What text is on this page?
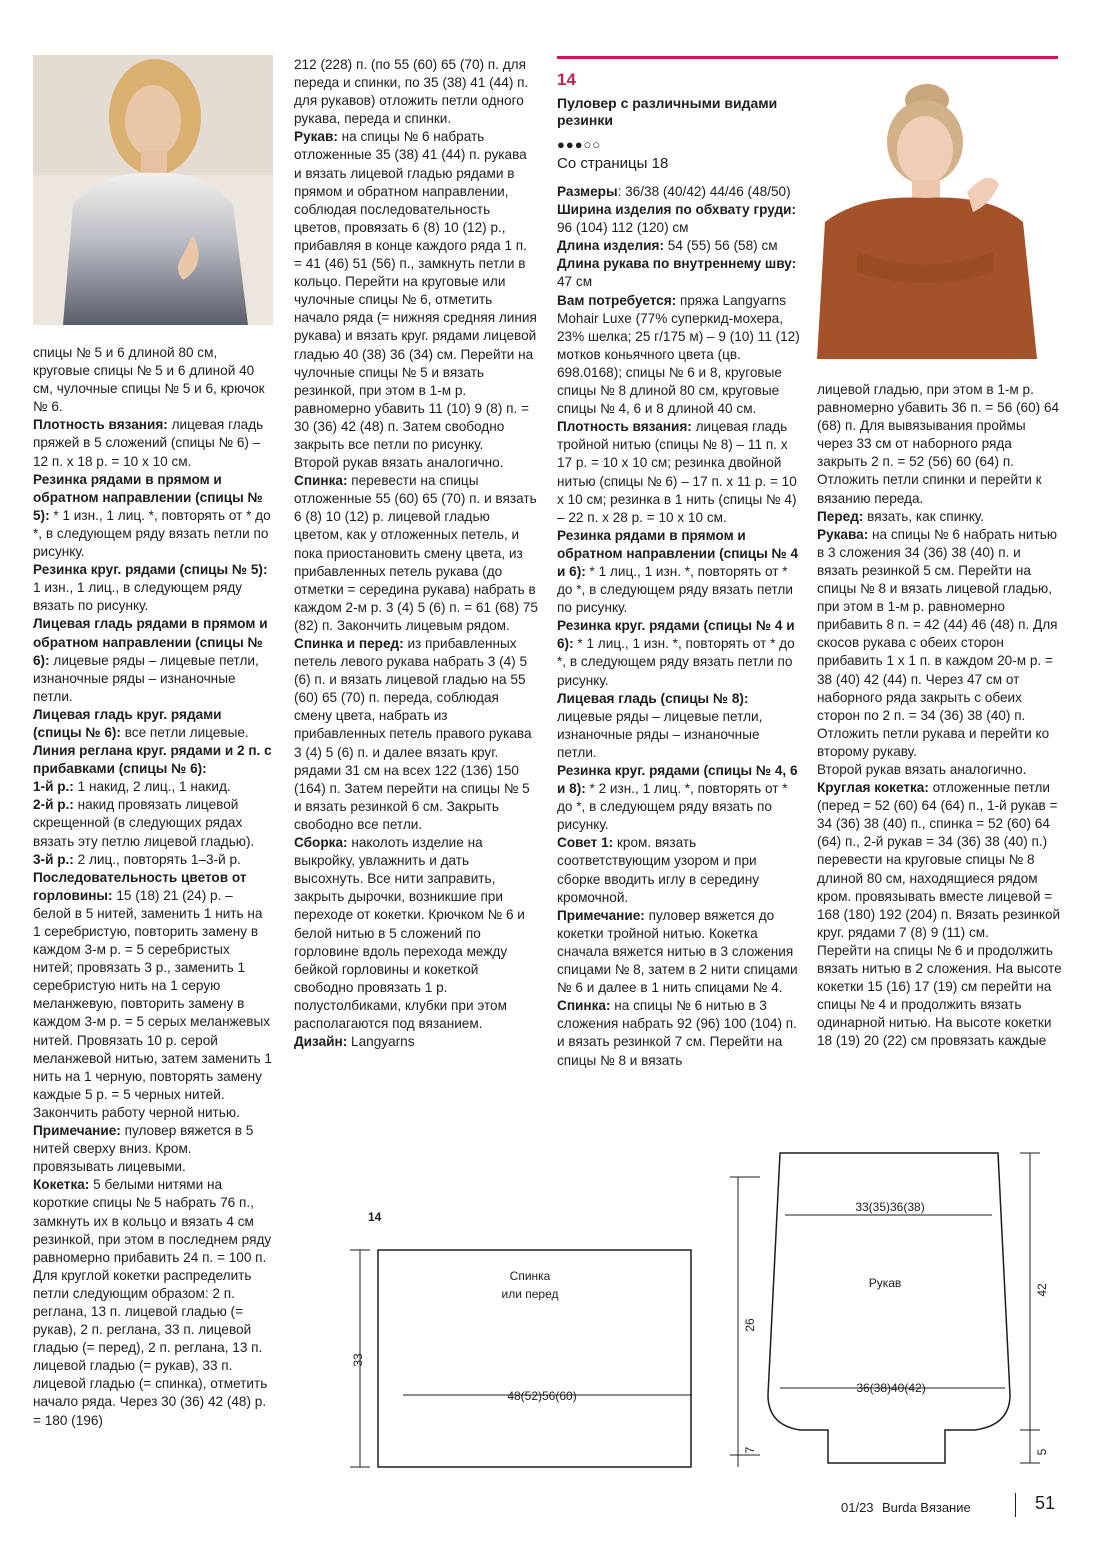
спицы № 5 и 6 длиной 80 см, круговые спицы № 5 и 6 длиной 40 см, чулочные спицы № 5 и 6, крючок № 6.

Плотность вязания: лицевая гладь пряжей в 5 сложений (спицы № 6) – 12 п. х 18 р. = 10 х 10 см.

Резинка рядами в прямом и обратном направлении (спицы № 5): * 1 изн., 1 лиц. *, повторять от * до *, в следующем ряду вязать петли по рисунку.

Резинка круг. рядами (спицы № 5): 1 изн., 1 лиц., в следующем ряду вязать по рисунку.

Лицевая гладь рядами в прямом и обратном направлении (спицы № 6): лицевые ряды – лицевые петли, изнаночные ряды – изнаночные петли.

Лицевая гладь круг. рядами (спицы № 6): все петли лицевые.

Линия реглана круг. рядами и 2 п. с прибавками (спицы № 6):

1-й р.: 1 накид, 2 лиц., 1 накид.

2-й р.: накид провязать лицевой скрещенной (в следующих рядах вязать эту петлю лицевой гладью).

3-й р.: 2 лиц., повторять 1–3-й р.

Последовательность цветов от горловины: 15 (18) 21 (24) р. – белой в 5 нитей, заменить 1 нить на 1 серебристую, повторить замену в каждом 3-м р. = 5 серебристых нитей; провязать 3 р., заменить 1 серебристую нить на 1 серую меланжевую, повторить замену в каждом 3-м р. = 5 серых меланжевых нитей. Провязать 10 р. серой меланжевой нитью, затем заменить 1 нить на 1 черную, повторять замену каждые 5 р. = 5 черных нитей. Закончить работу черной нитью.

Примечание: пуловер вяжется в 5 нитей сверху вниз. Кром. провязывать лицевыми.

Кокетка: 5 белыми нитями на короткие спицы № 5 набрать 76 п., замкнуть их в кольцо и вязать 4 см резинкой, при этом в последнем ряду равномерно прибавить 24 п. = 100 п. Для круглой кокетки распределить петли следующим образом: 2 п. реглана, 13 п. лицевой гладью (= рукав), 2 п. реглана, 33 п. лицевой гладью (= перед), 2 п. реглана, 13 п. лицевой гладью (= рукав), 33 п. лицевой гладью (= спинка), отметить начало ряда. Через 30 (36) 42 (48) р. = 180 (196)

212 (228) п. (по 55 (60) 65 (70) п. для переда и спинки, по 35 (38) 41 (44) п. для рукавов) отложить петли одного рукава, переда и спинки.

Рукав: на спицы № 6 набрать отложенные 35 (38) 41 (44) п. рукава и вязать лицевой гладью рядами в прямом и обратном направлении, соблюдая последовательность цветов, провязать 6 (8) 10 (12) р., прибавляя в конце каждого ряда 1 п. = 41 (46) 51 (56) п., замкнуть петли в кольцо. Перейти на круговые или чулочные спицы № 6, отметить начало ряда (= нижняя средняя линия рукава) и вязать круг. рядами лицевой гладью 40 (38) 36 (34) см. Перейти на чулочные спицы № 5 и вязать резинкой, при этом в 1-м р. равномерно убавить 11 (10) 9 (8) п. = 30 (36) 42 (48) п. Затем свободно закрыть все петли по рисунку.

Второй рукав вязать аналогично.

Спинка: перевести на спицы отложенные 55 (60) 65 (70) п. и вязать 6 (8) 10 (12) р. лицевой гладью цветом, как у отложенных петель, и пока приостановить смену цвета, из прибавленных петель рукава (до отметки = середина рукава) набрать в каждом 2-м р. 3 (4) 5 (6) п. = 61 (68) 75 (82) п. Закончить лицевым рядом.

Спинка и перед: из прибавленных петель левого рукава набрать 3 (4) 5 (6) п. и вязать лицевой гладью на 55 (60) 65 (70) п. переда, соблюдая смену цвета, набрать из прибавленных петель правого рукава 3 (4) 5 (6) п. и далее вязать круг. рядами 31 см на всех 122 (136) 150 (164) п. Затем перейти на спицы № 5 и вязать резинкой 6 см. Закрыть свободно все петли.

Сборка: наколоть изделие на выкройку, увлажнить и дать высохнуть. Все нити заправить, закрыть дырочки, возникшие при переходе от кокетки. Крючком № 6 и белой нитью в 5 сложений по горловине вдоль перехода между бейкой горловины и кокеткой свободно провязать 1 р. полустолбиками, клубки при этом располагаются под вязанием.

Дизайн: Langyarns

14
Пуловер с различными видами резинки
●●●○○
Со страницы 18

Размеры: 36/38 (40/42) 44/46 (48/50)

Ширина изделия по обхвату груди: 96 (104) 112 (120) см

Длина изделия: 54 (55) 56 (58) см

Длина рукава по внутреннему шву: 47 см

Вам потребуется: пряжа Langyarns Mohair Luxe (77% суперкид-мохера, 23% шелка; 25 г/175 м) – 9 (10) 11 (12) мотков коньячного цвета (цв. 698.0168); спицы № 6 и 8, круговые спицы № 8 длиной 80 см, круговые спицы № 4, 6 и 8 длиной 40 см.

Плотность вязания: лицевая гладь тройной нитью (спицы № 8) – 11 п. х 17 р. = 10 х 10 см; резинка двойной нитью (спицы № 6) – 17 п. х 11 р. = 10 х 10 см; резинка в 1 нить (спицы № 4) – 22 п. х 28 р. = 10 х 10 см.

Резинка рядами в прямом и обратном направлении (спицы № 4 и 6): * 1 лиц., 1 изн. *, повторять от * до *, в следующем ряду вязать петли по рисунку.

Резинка круг. рядами (спицы № 4 и 6): * 1 лиц., 1 изн. *, повторять от * до *, в следующем ряду вязать петли по рисунку.

Лицевая гладь (спицы № 8): лицевые ряды – лицевые петли, изнаночные ряды – изнаночные петли.

Резинка круг. рядами (спицы № 4, 6 и 8): * 2 изн., 1 лиц. *, повторять от * до *, в следующем ряду вязать по рисунку.

Совет 1: кром. вязать соответствующим узором и при сборке вводить иглу в середину кромочной.

Примечание: пуловер вяжется до кокетки тройной нитью. Кокетка сначала вяжется нитью в 3 сложения спицами № 8, затем в 2 нити спицами № 6 и далее в 1 нить спицами № 4.

Спинка: на спицы № 6 нитью в 3 сложения набрать 92 (96) 100 (104) п. и вязать резинкой 7 см. Перейти на спицы № 8 и вязать

лицевой гладью, при этом в 1-м р. равномерно убавить 36 п. = 56 (60) 64 (68) п. Для вывязывания проймы через 33 см от наборного ряда закрыть 2 п. = 52 (56) 60 (64) п. Отложить петли спинки и перейти к вязанию переда.

Перед: вязать, как спинку.

Рукава: на спицы № 6 набрать нитью в 3 сложения 34 (36) 38 (40) п. и вязать резинкой 5 см. Перейти на спицы № 8 и вязать лицевой гладью, при этом в 1-м р. равномерно прибавить 8 п. = 42 (44) 46 (48) п. Для скосов рукава с обеих сторон прибавить 1 х 1 п. в каждом 20-м р. = 38 (40) 42 (44) п. Через 47 см от наборного ряда закрыть с обеих сторон по 2 п. = 34 (36) 38 (40) п. Отложить петли рукава и перейти ко второму рукаву.

Второй рукав вязать аналогично.

Круглая кокетка: отложенные петли (перед = 52 (60) 64 (64) п., 1-й рукав = 34 (36) 38 (40) п., спинка = 52 (60) 64 (64) п., 2-й рукав = 34 (36) 38 (40) п.) перевести на круговые спицы № 8 длиной 80 см, находящиеся рядом кром. провязывать вместе лицевой = 168 (180) 192 (204) п. Вязать резинкой круг. рядами 7 (8) 9 (11) см.

Перейти на спицы № 6 и продолжить вязать нитью в 2 сложения. На высоте кокетки 15 (16) 17 (19) см перейти на спицы № 4 и продолжить вязать одинарной нитью. На высоте кокетки 18 (19) 20 (22) см провязать каждые

14
Спинка
или перед
48(52)56(60)
33
26
7
33(35)36(38)
Рукав
36(38)40(42)
42
5
01/23 Burda Вязание	51
